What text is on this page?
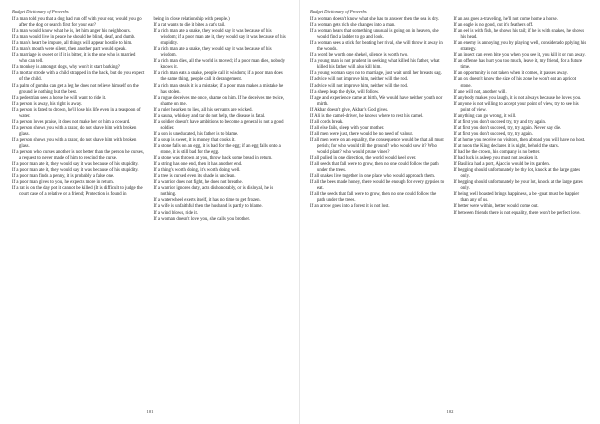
Budget Dictionary of Proverbs

If a man told you that a dog had run off with your ear, would you go after the dog or search first for your ear?

If a man would know what he is, let him anger his neighbours.

If a man would live in peace he should be blind, deaf, and dumb.

If a man's heart be impure, all things will appear hostile to him.

If a man's mouth were silent, then another part would speak.

If a marriage is sweet or if it is bitter, it is the one who is married who can tell.

If a monkey is amongst dogs, why won't it start barking?

If a mortar strode with a child strapped in the back, but do you expect of the child.

If a palm of gomba can get a leg he does not relieve himself on the ground ie nothing but the best.

If a pedestrian sees a horse he will want to ride it.

If a person is away, his right is away.

If a person is fated to drown, he'll lose his life even in a teaspoon of water.

If a person loves praise, it does not make her or him a coward.

If a person shows you with a razor, do not shave him with broken glass.

If a person shows you with a razor, do not shave him with broken glass.

If a person who curses another is not better than the person he curses, a request to never made of him to rescind the curse.

If a poor man ate it, they would say it was because of his stupidity.

If a poor man ate it, they would say it was because of his stupidity.

If a poor man finds a penny, it is probably a false one.

If a poor man gives to you, he expects more in return.

If a rat is on the day pot it cannot be killed (It is difficult to judge the court case of a relative or a friend; Protection is found in

being in close relationship with people.)

If a rat wants to die it bites a cat's tail.

If a rich man ate a snake, they would say it was because of his wisdom; if a poor man ate it, they would say it was because of his stupidity.

If a rich man ate a snake, they would say it was because of his wisdom.

If a rich man dies, all the world is moved; if a poor man dies, nobody knows it.

If a rich man eats a snake, people call it wisdom; if a poor man does the same thing, people call it derangement.

If a rich man steals it is a mistake; if a poor man makes a mistake he has stolen.

If a rogue deceives me once, shame on him. If he deceives me twice, shame on me.

If a ruler hearken to lies, all his servants are wicked.

If a sauna, whiskey and tar do not help, the disease is fatal.

If a soldier doesn't have ambitions to become a general is not a good soldier.

If a son is uneducated, his father is to blame.

If a soup is sweet, it is money that cooks it.

If a stone falls on an egg, it is bad for the egg; if an egg falls onto a stone, it is still bad for the egg.

If a stone was thrown at you, throw back some bread in return.

If a string has one end, then it has another end.

If a thing's worth doing, it's worth doing well.

If a tree is cursed even its shade is unclean.

If a warrior does not fight, he does not breathe.

If a warrior ignores duty, acts dishonorably, or is disloyal, he is nothing.

If a waterwheel exerts itself, it has no time to get frozen.

If a wife is unfaithful then the husband is partly to blame.

If a wind blows, ride it.

If a woman doesn't love you, she calls you brother.

101
Budget Dictionary of Proverbs

If a woman doesn't know what she has to answer then the sea is dry.

If a woman gets rich she changes into a man.

If a woman hears that something unusual is going on in heaven, she would find a ladder to go and look.

If a woman sees a stick for beating her rival, she will throw it away in the woods.

If a word be worth one shekel, silence is worth two.

If a young man is not prudent in seeking what killed his father, what killed his father will also kill him.

If a young woman says no to marriage, just wait until her breasts sag.

If advice will not improve him, neither will the rod.

If advice will not improve him, neither will the rod.

If a sheep leap the dyke, will follow.

If age and experience came at birth, We would have neither youth nor mirth.

If Akbar doesn't give, Akbar's God gives.

If Ali is the camel-driver, he knows where to rest his camel.

If all cords break.

If all else fails, sleep with your mother.

If all men were just, there would be no need of valour.

If all men were on an equality, the consequence would be that all must perish; for who would till the ground? who would sow it? Who would plant? who would prune vines?

If all pulled in one direction, the world would keel over.

If all seeds that fall were to grow, then no one could follow the path under the trees.

If all snakes live together in one place who would approach them.

If all the bees made honey, there would be enough for every gypsies to eat.

If all the seeds that fall were to grow, then no one could follow the path under the trees.

If an arrow goes into a forest it is not lost.

If an ass goes a-traveling, he'll not come home a horse.

If an eagle is no good, cut it's feathers off.

If an eel is with fish, he shows his tail; if he is with snakes, he shows his head.

If an enemy is annoying you by playing well, considerado pplying his strategy.

If an insect can even bite you when you see it, you kill it or run away.

If an offense has hurt you too much, leave it, my friend, for a future time.

If an opportunity is not taken when it comes, it passes away.

If an ox doesn't know the size of his zone he won't eat an apricot stone.

If ane will not, another will.

If anybody makes you laugh, it is not always because he loves you.

If anyone is not willing to accept your point of view, try to see his point of view.

If anything can go wrong, it will.

If at first you don't succeed try, try and try again.

If at first you don't succeed, try, try again. Never say die.

If at first you don't succeed, try, try again.

If at home you receive no visitors, then abroad you will have no host.

If at noon the King declares it is night, behold the stars.

If bad be the crown, his company is no better.

If bad luck is asleep you must not awaken it.

If Basilica had a port, Ajaccio would be its garden.

If begging should unfortunately be thy lot, knock at the large gates only.

If begging should unfortunately be your lot, knock at the large gates only.

If being well boasted brings happiness, a be -goat must be happier than any of us.

If better were within, better would come out.

If between friends there is not equality, there won't be perfect love.

102
